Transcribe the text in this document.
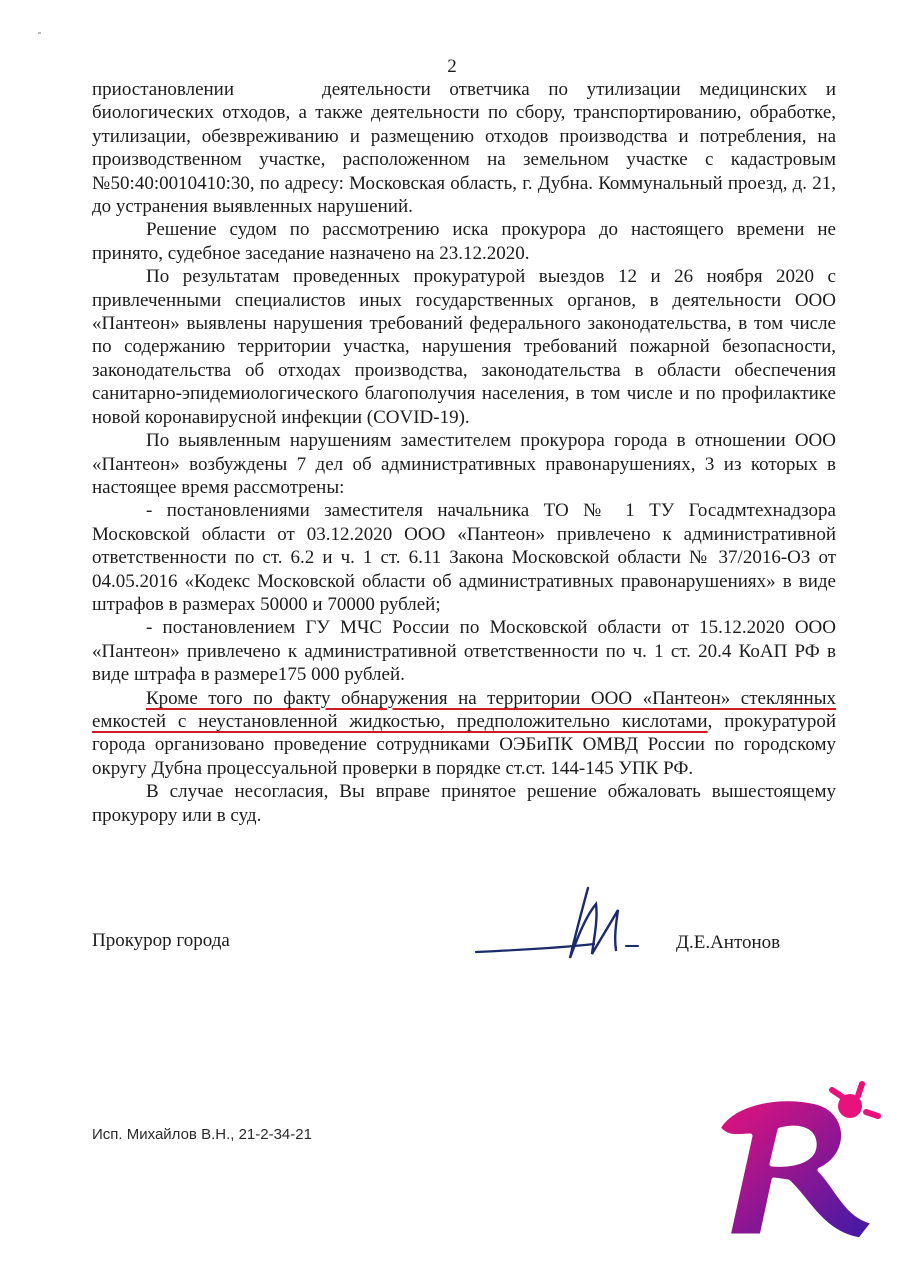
2

приостановлении	деятельности ответчика по утилизации медицинских и биологических отходов, а также деятельности по сбору, транспортированию, обработке, утилизации, обезвреживанию и размещению отходов производства и потребления, на производственном участке, расположенном на земельном участке с кадастровым №50:40:0010410:30, по адресу: Московская область, г. Дубна. Коммунальный проезд, д. 21, до устранения выявленных нарушений.

Решение судом по рассмотрению иска прокурора до настоящего времени не принято, судебное заседание назначено на 23.12.2020.

По результатам проведенных прокуратурой выездов 12 и 26 ноября 2020 с привлеченными специалистов иных государственных органов, в деятельности ООО «Пантеон» выявлены нарушения требований федерального законодательства, в том числе по содержанию территории участка, нарушения требований пожарной безопасности, законодательства об отходах производства, законодательства в области обеспечения санитарно-эпидемиологического благополучия населения, в том числе и по профилактике новой коронавирусной инфекции (COVID-19).

По выявленным нарушениям заместителем прокурора города в отношении ООО «Пантеон» возбуждены 7 дел об административных правонарушениях, 3 из которых в настоящее время рассмотрены:

- постановлениями заместителя начальника ТО № 1 ТУ Госадмтехнадзора Московской области от 03.12.2020 ООО «Пантеон» привлечено к административной ответственности по ст. 6.2 и ч. 1 ст. 6.11 Закона Московской области № 37/2016-ОЗ от 04.05.2016 «Кодекс Московской области об административных правонарушениях» в виде штрафов в размерах 50000 и 70000 рублей;

- постановлением ГУ МЧС России по Московской области от 15.12.2020 ООО «Пантеон» привлечено к административной ответственности по ч. 1 ст. 20.4 КоАП РФ в виде штрафа в размере175 000 рублей.

Кроме того по факту обнаружения на территории ООО «Пантеон» стеклянных емкостей с неустановленной жидкостью, предположительно кислотами, прокуратурой города организовано проведение сотрудниками ОЭБиПК ОМВД России по городскому округу Дубна процессуальной проверки в порядке ст.ст. 144-145 УПК РФ.

В случае несогласия, Вы вправе принятое решение обжаловать вышестоящему прокурору или в суд.

Прокурор города	Д.Е.Антонов
Исп. Михайлов В.Н., 21-2-34-21
